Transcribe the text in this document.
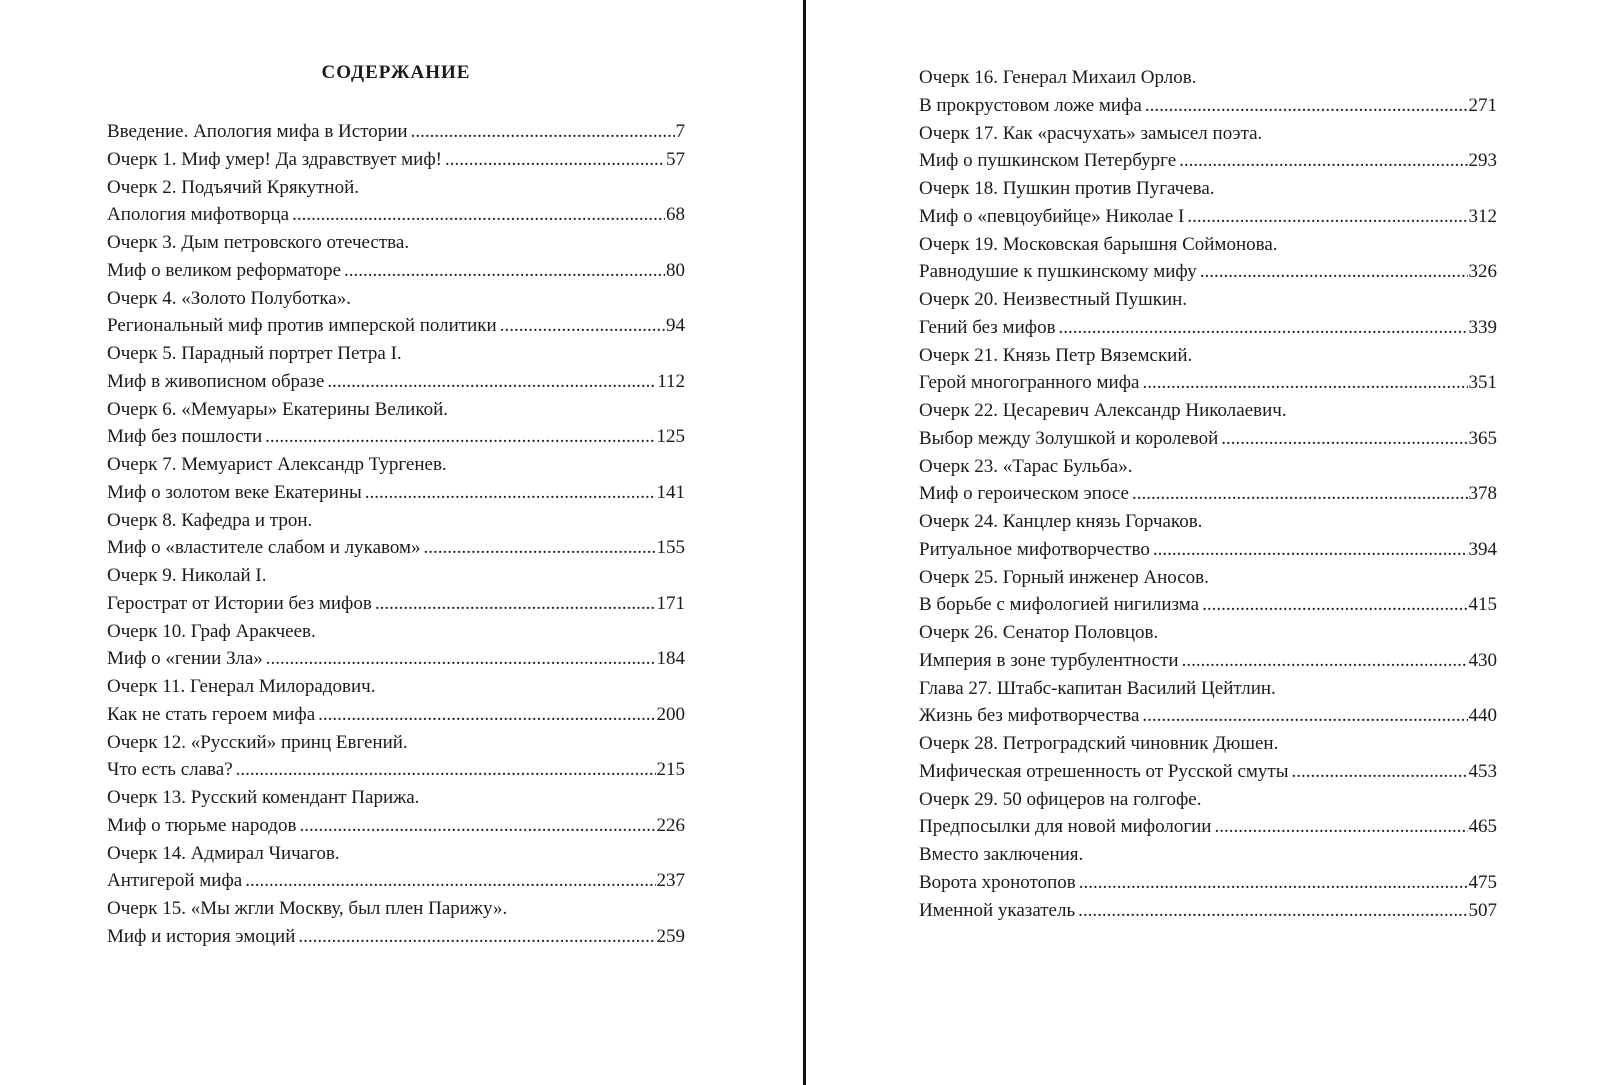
СОДЕРЖАНИЕ
Введение. Апология мифа в Истории .....	7
Очерк 1. Миф умер! Да здравствует миф! .....	57
Очерк 2. Подъячий Крякутной.
Апология мифотворца .....	68
Очерк 3. Дым петровского отечества.
Миф о великом реформаторе .....	80
Очерк 4. «Золото Полуботка».
Региональный миф против имперской политики .....	94
Очерк 5. Парадный портрет Петра I.
Миф в живописном образе .....	112
Очерк 6. «Мемуары» Екатерины Великой.
Миф без пошлости .....	125
Очерк 7. Мемуарист Александр Тургенев.
Миф о золотом веке Екатерины .....	141
Очерк 8. Кафедра и трон.
Миф о «властителе слабом и лукавом» .....	155
Очерк 9. Николай I.
Герострат от Истории без мифов .....	171
Очерк 10. Граф Аракчеев.
Миф о «гении Зла» .....	184
Очерк 11. Генерал Милорадович.
Как не стать героем мифа .....	200
Очерк 12. «Русский» принц Евгений.
Что есть слава? .....	215
Очерк 13. Русский комендант Парижа.
Миф о тюрьме народов .....	226
Очерк 14. Адмирал Чичагов.
Антигерой мифа .....	237
Очерк 15. «Мы жгли Москву, был плен Парижу».
Миф и история эмоций .....	259
Очерк 16. Генерал Михаил Орлов.
В прокрустовом ложе мифа .....	271
Очерк 17. Как «расчухать» замысел поэта.
Миф о пушкинском Петербурге .....	293
Очерк 18. Пушкин против Пугачева.
Миф о «певцоубийце» Николае I .....	312
Очерк 19. Московская барышня Соймонова.
Равнодушие к пушкинскому мифу .....	326
Очерк 20. Неизвестный Пушкин.
Гений без мифов .....	339
Очерк 21. Князь Петр Вяземский.
Герой многогранного мифа .....	351
Очерк 22. Цесаревич Александр Николаевич.
Выбор между Золушкой и королевой .....	365
Очерк 23. «Тарас Бульба».
Миф о героическом эпосе .....	378
Очерк 24. Канцлер князь Горчаков.
Ритуальное мифотворчество .....	394
Очерк 25. Горный инженер Аносов.
В борьбе с мифологией нигилизма .....	415
Очерк 26. Сенатор Половцов.
Империя в зоне турбулентности .....	430
Глава 27. Штабс-капитан Василий Цейтлин.
Жизнь без мифотворчества .....	440
Очерк 28. Петроградский чиновник Дюшен.
Мифическая отрешенность от Русской смуты .....	453
Очерк 29. 50 офицеров на голгофе.
Предпосылки для новой мифологии .....	465
Вместо заключения.
Ворота хронотопов .....	475
Именной указатель .....	507
